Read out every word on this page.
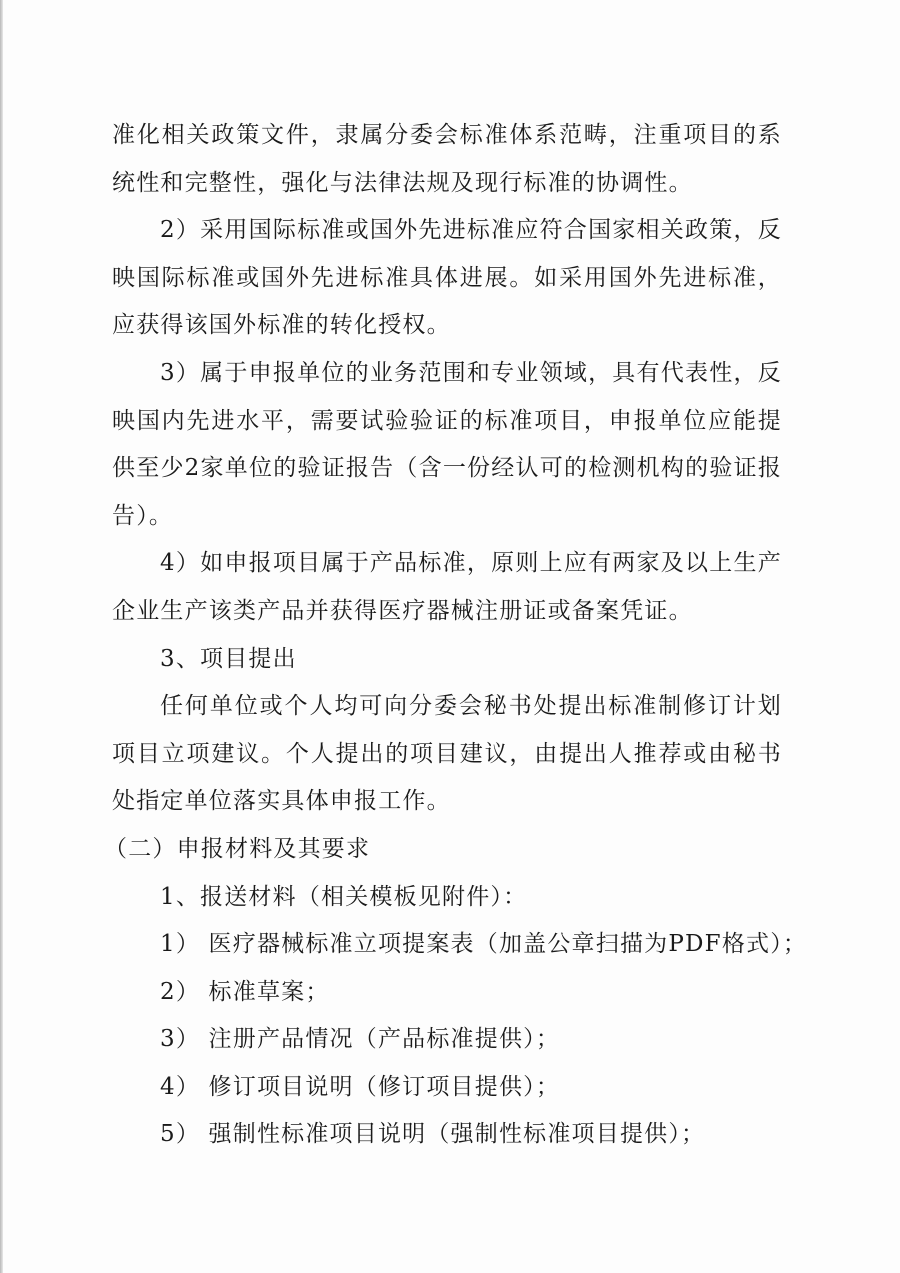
准化相关政策文件，隶属分委会标准体系范畴，注重项目的系统性和完整性，强化与法律法规及现行标准的协调性。

2）采用国际标准或国外先进标准应符合国家相关政策，反映国际标准或国外先进标准具体进展。如采用国外先进标准，应获得该国外标准的转化授权。

3）属于申报单位的业务范围和专业领域，具有代表性，反映国内先进水平，需要试验验证的标准项目，申报单位应能提供至少2家单位的验证报告（含一份经认可的检测机构的验证报告）。

4）如申报项目属于产品标准，原则上应有两家及以上生产企业生产该类产品并获得医疗器械注册证或备案凭证。

3、项目提出

任何单位或个人均可向分委会秘书处提出标准制修订计划项目立项建议。个人提出的项目建议，由提出人推荐或由秘书处指定单位落实具体申报工作。

（二）申报材料及其要求

1、报送材料（相关模板见附件）：

1） 医疗器械标准立项提案表（加盖公章扫描为PDF格式）；

2） 标准草案；

3） 注册产品情况（产品标准提供）；

4） 修订项目说明（修订项目提供）；

5） 强制性标准项目说明（强制性标准项目提供）；
